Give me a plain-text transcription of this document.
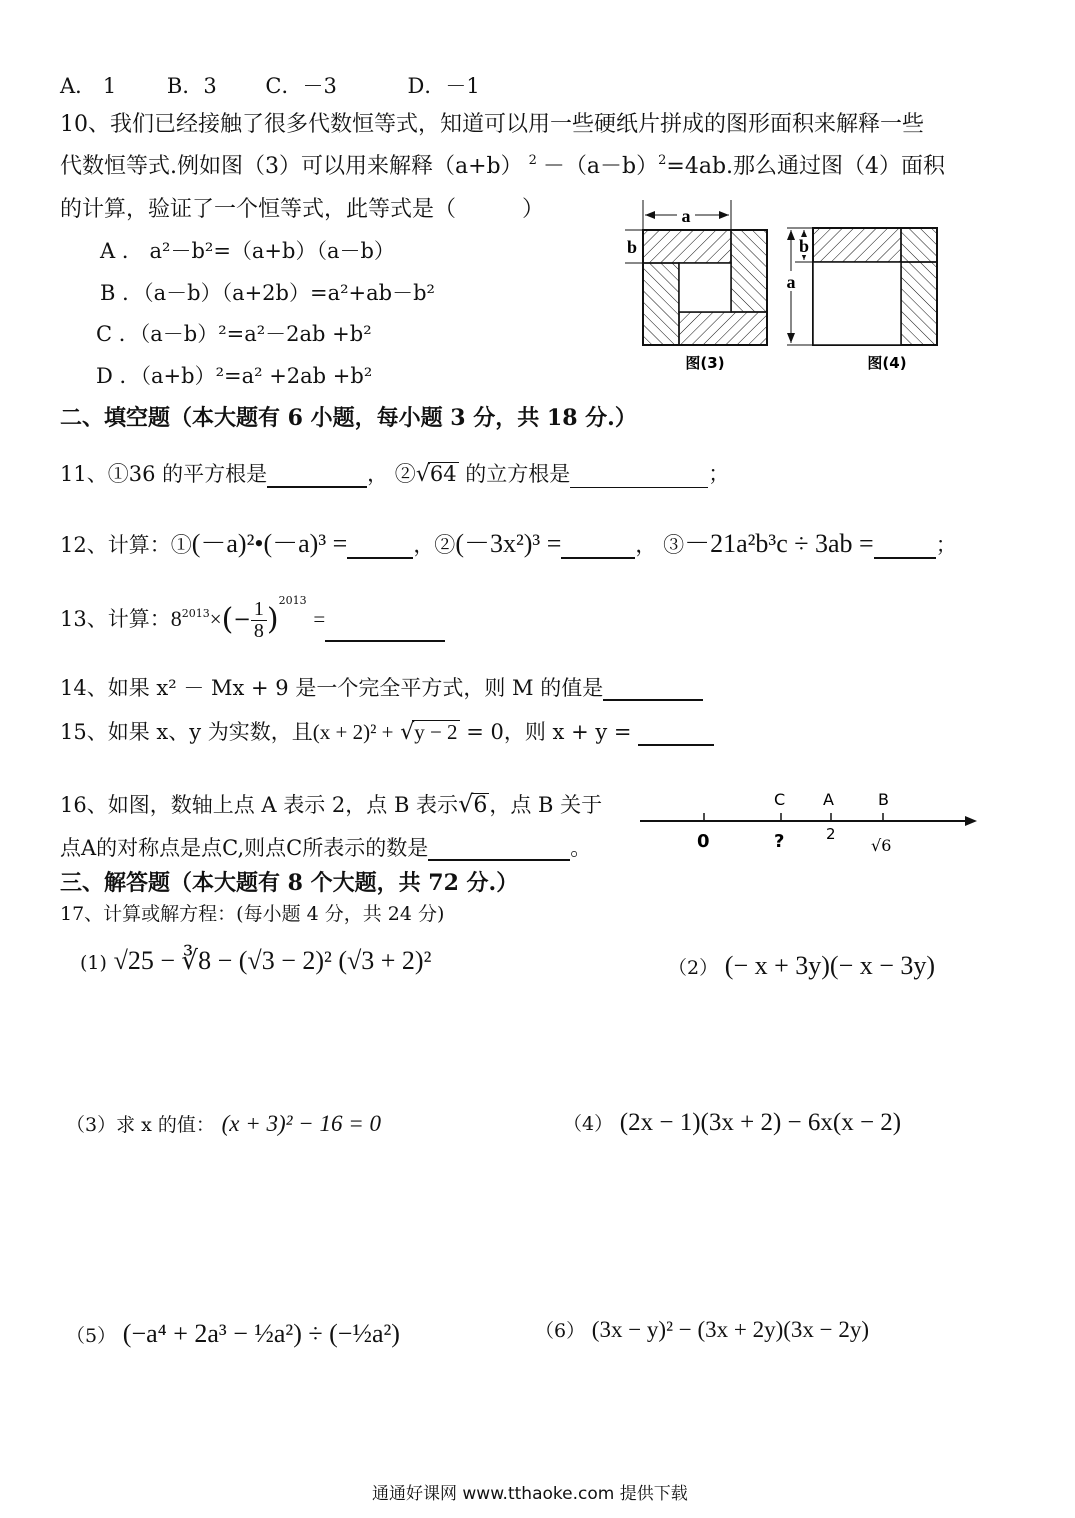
A． 1 B．3 C．－3	D．－1
10、我们已经接触了很多代数恒等式，知道可以用一些硬纸片拼成的图形面积来解释一些
代数恒等式.例如图（3）可以用来解释（a+b） $^2 -(a-b)^2=4ab$.那么通过图（4）面积
的计算，验证了一个恒等式，此等式是（　　　）
A ． a²－b²=（a+b）（a－b）
B ．（a－b）（a+2b）=a²+ab－b²
C ．（a－b）²=a²－2ab +b²
D ．（a+b）²=a² +2ab +b²
a
b
图(3)
a
b
图(4)
二、填空题（本大题有 6 小题，每小题 3 分，共 18 分.）
11、①36 的平方根是	， ②√64 的立方根是	；
12、计算：①(－a)²•(－a)³ =	，②(－3x²)³ =	， ③－21a²b³c ÷ 3ab =	；
13、计算：$8^{2013}\times(- \frac{1}{8} )^{2013}$ =
14、如果 x² － Mx + 9 是一个完全平方式，则 M 的值是
15、如果 x、y 为实数，且(x + 2)² + √y − 2 = 0，则 x + y =
16、如图，数轴上点 A 表示 2，点 B 表示√6，点 B 关于
点A的对称点是点C,则点C所表示的数是	。
C A	B
0	?	2
√6
三、解答题（本大题有 8 个大题，共 72 分.）
17、计算或解方程：(每小题 4 分，共 24 分)
(1) √25 − ∛8 − (√3 − 2)² (√3 + 2)²	（2） (− x + 3y)(− x − 3y)
（3）求 x 的值： (x + 3)² − 16 = 0	（4） (2x − 1)(3x + 2) − 6x(x − 2)
（5） (−a⁴ + 2a³ − ½a²) ÷ (−½a²)	（6） (3x − y)² − (3x + 2y)(3x − 2y)
通通好课网 www.tthaoke.com 提供下载
